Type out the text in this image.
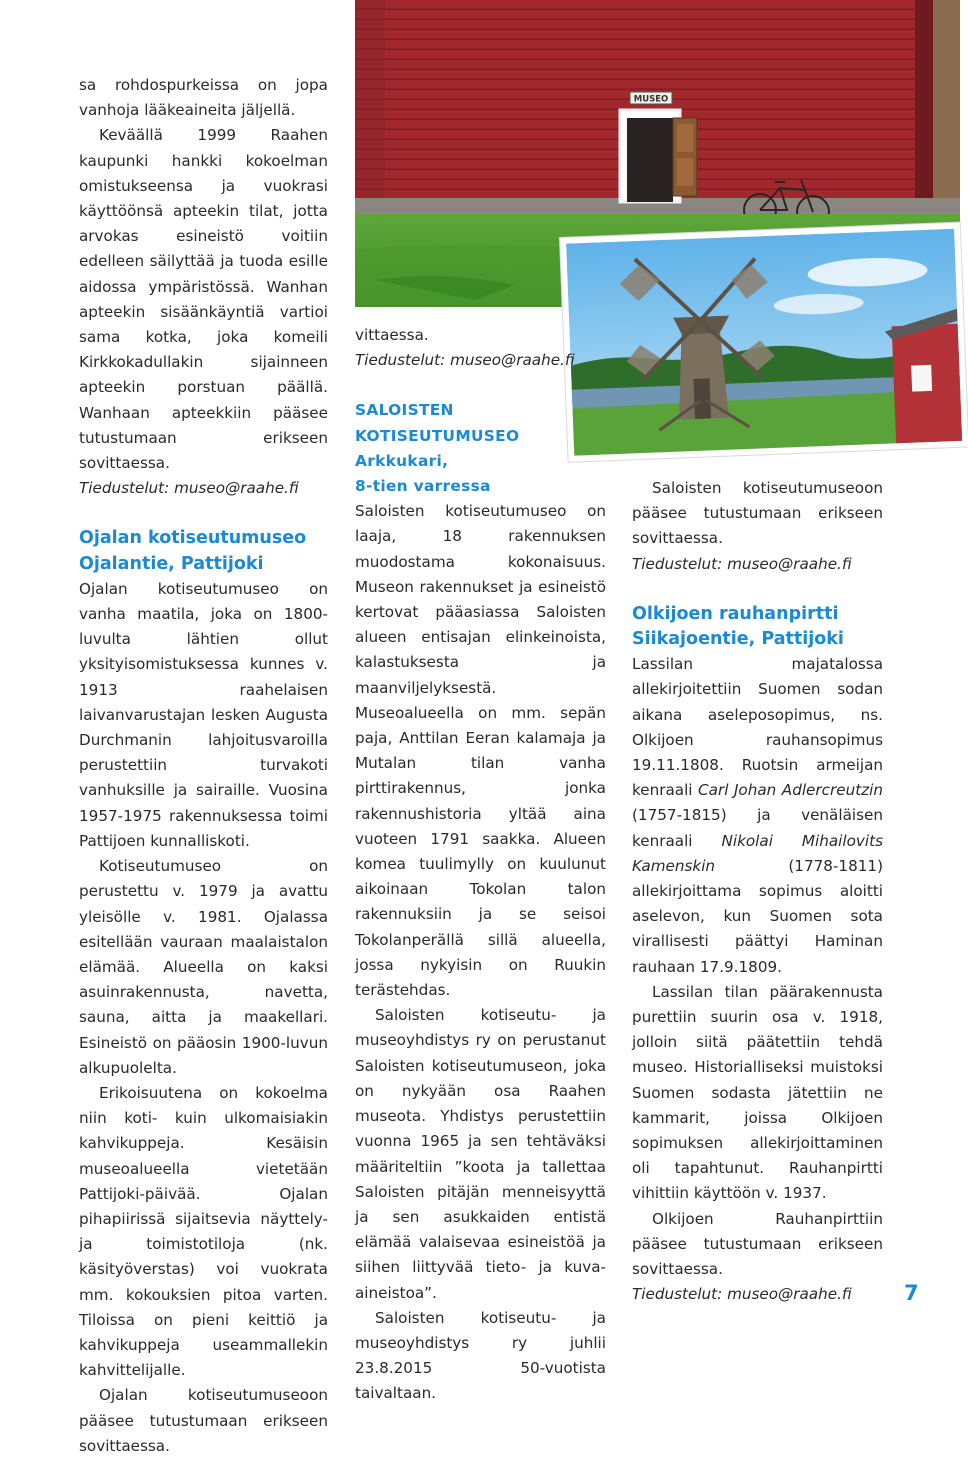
MUSEO

sa rohdospurkeissa on jopa vanhoja lääkeaineita jäljellä.

Keväällä 1999 Raahen kaupunki hankki kokoelman omistukseensa ja vuokrasi käyttöönsä apteekin tilat, jotta arvokas esineistö voitiin edelleen säilyttää ja tuoda esille aidossa ympäristössä. Wanhan apteekin sisäänkäyntiä vartioi sama kotka, joka komeili Kirkkokadullakin sijainneen apteekin porstuan päällä. Wanhaan apteekkiin pääsee tutustumaan erikseen sovittaessa.

Tiedustelut: museo@raahe.fi

Ojalan kotiseutumuseo
Ojalantie, Pattijoki

Ojalan kotiseutumuseo on vanha maatila, joka on 1800-luvulta lähtien ollut yksityisomistuksessa kunnes v. 1913 raahelaisen laivanvarustajan lesken Augusta Durchmanin lahjoitusvaroilla perustettiin turvakoti vanhuksille ja sairaille. Vuosina 1957-1975 rakennuksessa toimi Pattijoen kunnalliskoti.

Kotiseutumuseo on perustettu v. 1979 ja avattu yleisölle v. 1981. Ojalassa esitellään vauraan maalaistalon elämää. Alueella on kaksi asuinrakennusta, navetta, sauna, aitta ja maakellari. Esineistö on pääosin 1900-luvun alkupuolelta.

Erikoisuutena on kokoelma niin koti- kuin ulkomaisiakin kahvikuppeja. Kesäisin museoalueella vietetään Pattijoki-päivää. Ojalan pihapiirissä sijaitsevia näyttely- ja toimistotiloja (nk. käsityöverstas) voi vuokrata mm. kokouksien pitoa varten. Tiloissa on pieni keittiö ja kahvikuppeja useammallekin kahvittelijalle.

Ojalan kotiseutumuseoon pääsee tutustumaan erikseen sovittaessa.

vittaessa.

Tiedustelut: museo@raahe.fi

SALOISTEN
KOTISEUTUMUSEO
Arkkukari,
8-tien varressa

Saloisten kotiseutumuseo on laaja, 18 rakennuksen muodostama kokonaisuus. Museon rakennukset ja esineistö kertovat pääasiassa Saloisten alueen entisajan elinkeinoista, kalastuksesta ja maanviljelyksestä. Museoalueella on mm. sepän paja, Anttilan Eeran kalamaja ja Mutalan tilan vanha pirttirakennus, jonka rakennushistoria yltää aina vuoteen 1791 saakka. Alueen komea tuulimylly on kuulunut aikoinaan Tokolan talon rakennuksiin ja se seisoi Tokolanperällä sillä alueella, jossa nykyisin on Ruukin terästehdas.

Saloisten kotiseutu- ja museoyhdistys ry on perustanut Saloisten kotiseutumuseon, joka on nykyään osa Raahen museota. Yhdistys perustettiin vuonna 1965 ja sen tehtäväksi määriteltiin ”koota ja tallettaa Saloisten pitäjän menneisyyttä ja sen asukkaiden entistä elämää valaisevaa esineistöä ja siihen liittyvää tieto- ja kuva-aineistoa”.

Saloisten kotiseutu- ja museoyhdistys ry juhlii 23.8.2015 50-vuotista taivaltaan.

Saloisten kotiseutumuseoon pääsee tutustumaan erikseen sovittaessa.

Tiedustelut: museo@raahe.fi

Olkijoen rauhanpirtti
Siikajoentie, Pattijoki

Lassilan majatalossa allekirjoitettiin Suomen sodan aikana aseleposopimus, ns. Olkijoen rauhansopimus 19.11.1808. Ruotsin armeijan kenraali Carl Johan Adlercreutzin (1757-1815) ja venäläisen kenraali Nikolai Mihailovits Kamenskin (1778-1811) allekirjoittama sopimus aloitti aselevon, kun Suomen sota virallisesti päättyi Haminan rauhaan 17.9.1809.

Lassilan tilan päärakennusta purettiin suurin osa v. 1918, jolloin siitä päätettiin tehdä museo. Historialliseksi muistoksi Suomen sodasta jätettiin ne kammarit, joissa Olkijoen sopimuksen allekirjoittaminen oli tapahtunut. Rauhanpirtti vihittiin käyttöön v. 1937.

Olkijoen Rauhanpirttiin pääsee tutustumaan erikseen sovittaessa.

Tiedustelut: museo@raahe.fi	7
